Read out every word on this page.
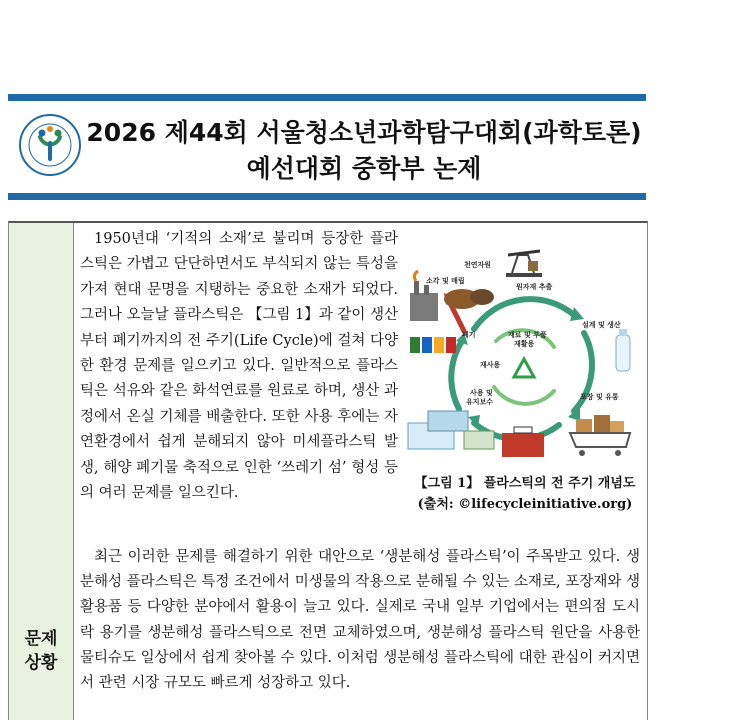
2026 제44회 서울청소년과학탐구대회(과학토론)
예선대회 중학부 논제
문제
상황
1950년대 ‘기적의 소재’로 불리며 등장한 플라스틱은 가볍고 단단하면서도 부식되지 않는 특성을 가져 현대 문명을 지탱하는 중요한 소재가 되었다. 그러나 오늘날 플라스틱은 【그림 1】과 같이 생산부터 폐기까지의 전 주기(Life Cycle)에 걸쳐 다양한 환경 문제를 일으키고 있다. 일반적으로 플라스틱은 석유와 같은 화석연료를 원료로 하며, 생산 과정에서 온실 기체를 배출한다. 또한 사용 후에는 자연환경에서 쉽게 분해되지 않아 미세플라스틱 발생, 해양 폐기물 축적으로 인한 ‘쓰레기 섬’ 형성 등의 여러 문제를 일으킨다.
천연자원
원자재 추출
설계 및 생산
포장 및 유통
사용 및
유지보수
재사용
재료 및 부품
재활용
폐기
소각 및 매립
【그림 1】 플라스틱의 전 주기 개념도
(출처: ©lifecycleinitiative.org)
최근 이러한 문제를 해결하기 위한 대안으로 ‘생분해성 플라스틱’이 주목받고 있다. 생분해성 플라스틱은 특정 조건에서 미생물의 작용으로 분해될 수 있는 소재로, 포장재와 생활용품 등 다양한 분야에서 활용이 늘고 있다. 실제로 국내 일부 기업에서는 편의점 도시락 용기를 생분해성 플라스틱으로 전면 교체하였으며, 생분해성 플라스틱 원단을 사용한 물티슈도 일상에서 쉽게 찾아볼 수 있다. 이처럼 생분해성 플라스틱에 대한 관심이 커지면서 관련 시장 규모도 빠르게 성장하고 있다.
